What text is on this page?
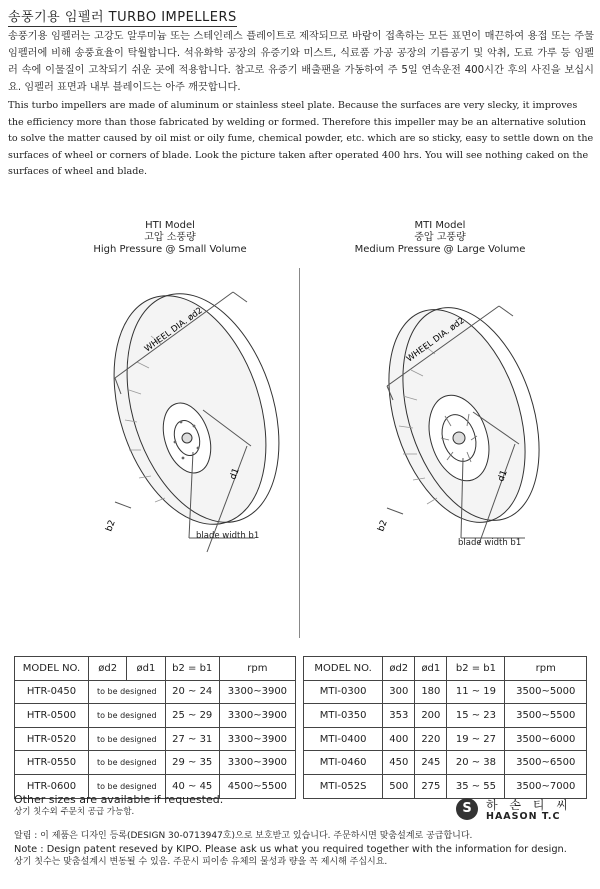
송풍기용 임펠러 TURBO IMPELLERS
송풍기용 임펠러는 고강도 알루미늄 또는 스테인레스 플레이트로 제작되므로 바람이 접촉하는 모든 표면이 매끈하여 용접 또는 주물 임펠러에 비해 송풍효율이 탁월합니다. 석유화학 공장의 유증기와 미스트, 식료품 가공 공장의 기름공기 및 악취, 도료 가루 등 임펠러 속에 이물질이 고착되기 쉬운 곳에 적용합니다. 참고로 유증기 배출팬을 가동하여 주 5일 연속운전 400시간 후의 사진을 보십시요. 임펠러 표면과 내부 블레이드는 아주 깨끗합니다.
This turbo impellers are made of aluminum or stainless steel plate. Because the surfaces are very slecky, it improves the efficiency more than those fabricated by welding or formed. Therefore this impeller may be an alternative solution to solve the matter caused by oil mist or oily fume, chemical powder, etc. which are so sticky, easy to settle down on the surfaces of wheel or corners of blade. Look the picture taken after operated 400 hrs. You will see nothing caked on the surfaces of wheel and blade.
HTI Model
고압 소풍량
High Pressure @ Small Volume
MTI Model
중압 고풍량
Medium Pressure @ Large Volume
WHEEL DIA. ød2
d1
b2
blade width b1
WHEEL DIA. ød2
d1
b2
blade width b1
MODEL NO.	ød2	ød1	b2 = b1	rpm
HTR-0450	to be designed		20 ~ 24	3300~3900
HTR-0500	to be designed		25 ~ 29	3300~3900
HTR-0520	to be designed		27 ~ 31	3300~3900
HTR-0550	to be designed		29 ~ 35	3300~3900
HTR-0600	to be designed		40 ~ 45	4500~5500
MODEL NO.	ød2	ød1	b2 = b1	rpm
MTI-0300	300	180	11 ~ 19	3500~5000
MTI-0350	353	200	15 ~ 23	3500~5500
MTI-0400	400	220	19 ~ 27	3500~6000
MTI-0460	450	245	20 ~ 38	3500~6500
MTI-052S	500	275	35 ~ 55	3500~7000
Other sizes are available if requested.
상기 칫수외 주문치 공급 가능함.	S	하 손 티 씨
HAASON T.C
알림 : 이 제품은 디자인 등록(DESIGN 30-0713947호)으로 보호받고 있습니다. 주문하시면 맞춤설계로 공급합니다.
Note : Design patent reseved by KIPO. Please ask us what you required together with the information for design.
상기 칫수는 맞춤설계시 변동될 수 있음. 주문시 피이송 유체의 물성과 량을 꼭 제시해 주십시요.
